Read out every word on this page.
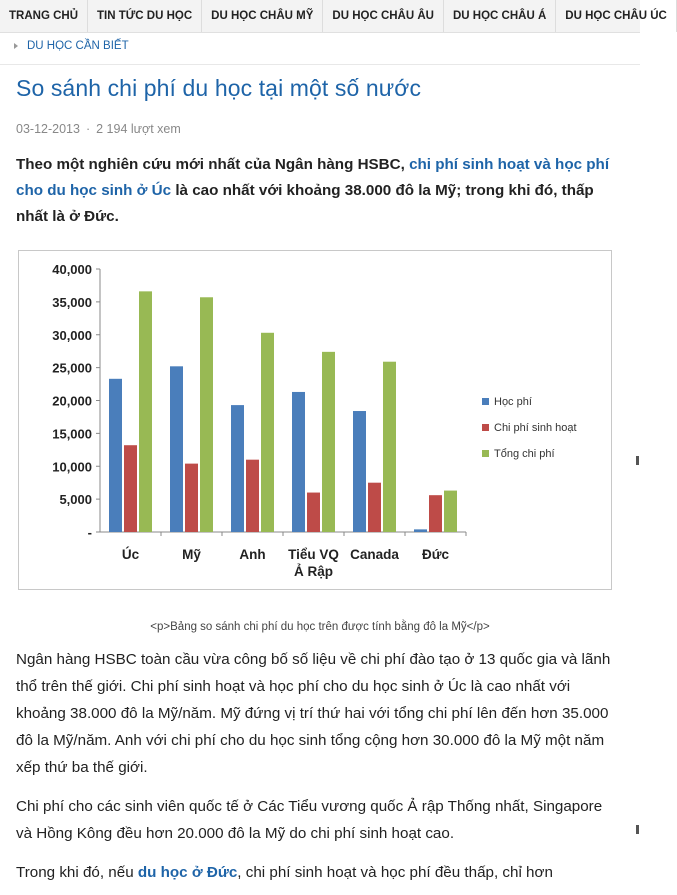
TRANG CHỦ	TIN TỨC DU HỌC	DU HỌC CHÂU MỸ	DU HỌC CHÂU ÂU	DU HỌC CHÂU Á	DU HỌC CHÂU ÚC
DU HỌC CẦN BIẾT
So sánh chi phí du học tại một số nước
03-12-2013 · 2 194 lượt xem

Theo một nghiên cứu mới nhất của Ngân hàng HSBC, chi phí sinh hoạt và học phí cho du học sinh ở Úc là cao nhất với khoảng 38.000 đô la Mỹ; trong khi đó, thấp nhất là ở Đức.

-
5,000
10,000
15,000
20,000
25,000
30,000
35,000
40,000
Úc	Mỹ	Anh Tiểu VQ Ả Rập
Canada Đức
Học phí
Chi phí sinh hoạt
Tổng chi phí
<p>Bảng so sánh chi phí du học trên được tính bằng đô la Mỹ</p>

Ngân hàng HSBC toàn cầu vừa công bố số liệu về chi phí đào tạo ở 13 quốc gia và lãnh thổ trên thế giới. Chi phí sinh hoạt và học phí cho du học sinh ở Úc là cao nhất với khoảng 38.000 đô la Mỹ/năm. Mỹ đứng vị trí thứ hai với tổng chi phí lên đến hơn 35.000 đô la Mỹ/năm. Anh với chi phí cho du học sinh tổng cộng hơn 30.000 đô la Mỹ một năm xếp thứ ba thế giới.

Chi phí cho các sinh viên quốc tế ở Các Tiểu vương quốc Ả rập Thống nhất, Singapore và Hồng Kông đều hơn 20.000 đô la Mỹ do chi phí sinh hoạt cao.

Trong khi đó, nếu du học ở Đức, chi phí sinh hoạt và học phí đều thấp, chỉ hơn
